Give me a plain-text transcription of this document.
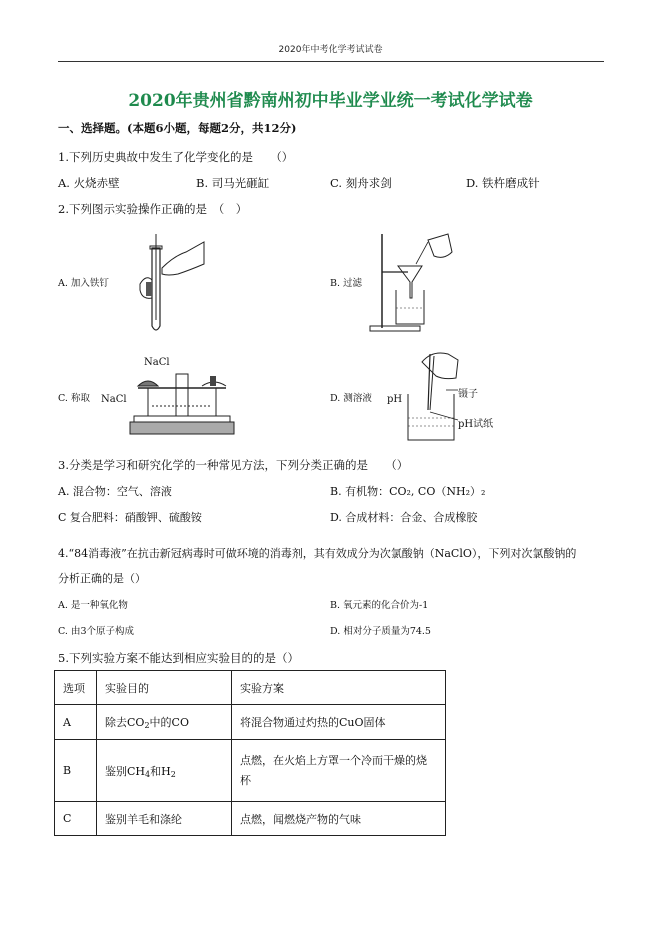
2020年中考化学考试试卷
2020年贵州省黔南州初中毕业学业统一考试化学试卷
一、选择题。(本题6小题，每题2分，共12分)
1.下列历史典故中发生了化学变化的是　　（）
A. 火烧赤壁	B. 司马光砸缸	C. 刻舟求剑	D. 铁杵磨成针
2.下列图示实验操作正确的是　（　）
A. 加入铁钉	B. 过滤
C. 称取
NaCl
NaCl	D. 测溶液 pH	镊子
pH试纸
3.分类是学习和研究化学的一种常见方法，下列分类正确的是　　（）
A. 混合物：空气、溶液	B. 有机物：CO₂, CO（NH₂）₂
C 复合肥料：硝酸钾、硫酸铵	D. 合成材料：合金、合成橡胶
4.“84消毒液”在抗击新冠病毒时可做环境的消毒剂，其有效成分为次氯酸钠（NaClO），下列对次氯酸钠的
分析正确的是（）
A. 是一种氧化物	B. 氧元素的化合价为-1
C. 由3个原子构成	D. 相对分子质量为74.5
5.下列实验方案不能达到相应实验目的的是（）
选项	实验目的	实验方案
A	除去$CO_2$中的CO	将混合物通过灼热的CuO固体
B	鉴别$CH_4$和$H_2$	点燃，在火焰上方罩一个冷而干燥的烧
杯

C	鉴别羊毛和涤纶	点燃，闻燃烧产物的气味
